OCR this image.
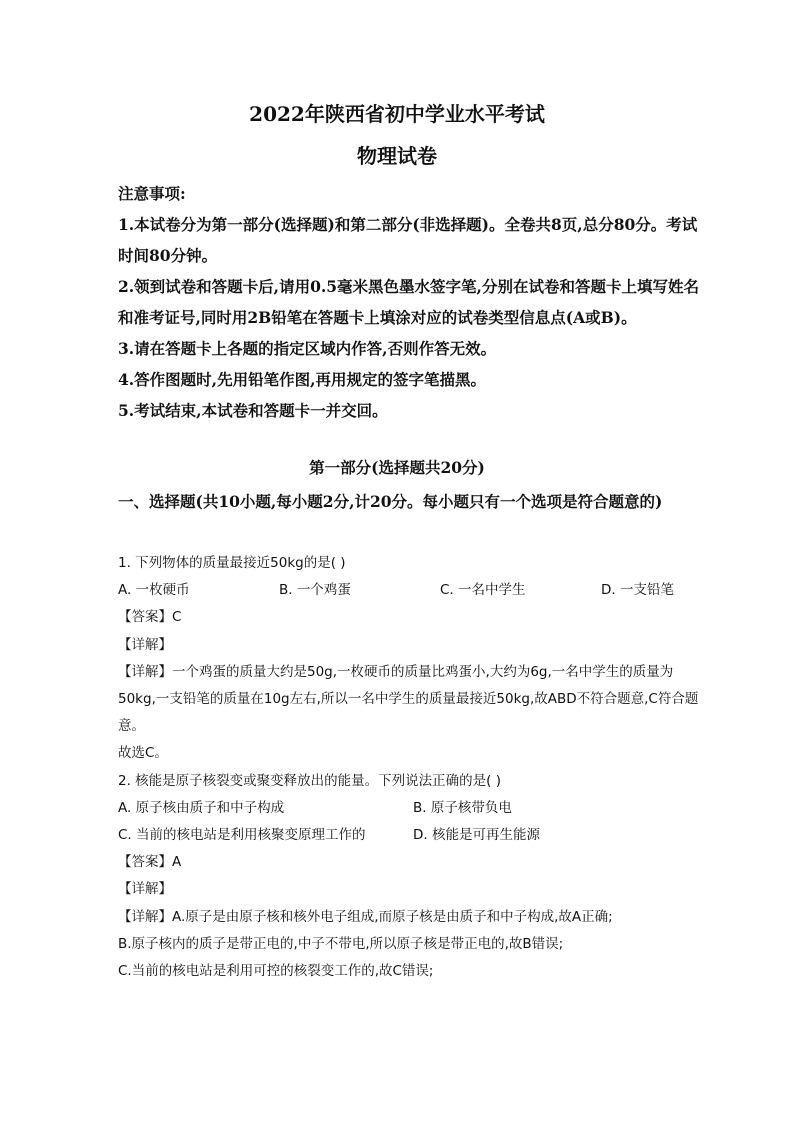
2022年陕西省初中学业水平考试
物理试卷

注意事项:

1.本试卷分为第一部分(选择题)和第二部分(非选择题)。全卷共8页,总分80分。考试时间80分钟。

2.领到试卷和答题卡后,请用0.5毫米黑色墨水签字笔,分别在试卷和答题卡上填写姓名和准考证号,同时用2B铅笔在答题卡上填涂对应的试卷类型信息点(A或B)。

3.请在答题卡上各题的指定区域内作答,否则作答无效。

4.答作图题时,先用铅笔作图,再用规定的签字笔描黑。

5.考试结束,本试卷和答题卡一并交回。

第一部分(选择题共20分)
一、选择题(共10小题,每小题2分,计20分。每小题只有一个选项是符合题意的)

1. 下列物体的质量最接近50kg的是( )

A. 一枚硬币	B. 一个鸡蛋	C. 一名中学生	D. 一支铅笔

【答案】C

【详解】

【详解】一个鸡蛋的质量大约是50g,一枚硬币的质量比鸡蛋小,大约为6g,一名中学生的质量为50kg,一支铅笔的质量在10g左右,所以一名中学生的质量最接近50kg,故ABD不符合题意,C符合题意。

故选C。

2. 核能是原子核裂变或聚变释放出的能量。下列说法正确的是( )

A. 原子核由质子和中子构成	B. 原子核带负电
C. 当前的核电站是利用核聚变原理工作的	D. 核能是可再生能源

【答案】A

【详解】

【详解】A.原子是由原子核和核外电子组成,而原子核是由质子和中子构成,故A正确;

B.原子核内的质子是带正电的,中子不带电,所以原子核是带正电的,故B错误;

C.当前的核电站是利用可控的核裂变工作的,故C错误;
